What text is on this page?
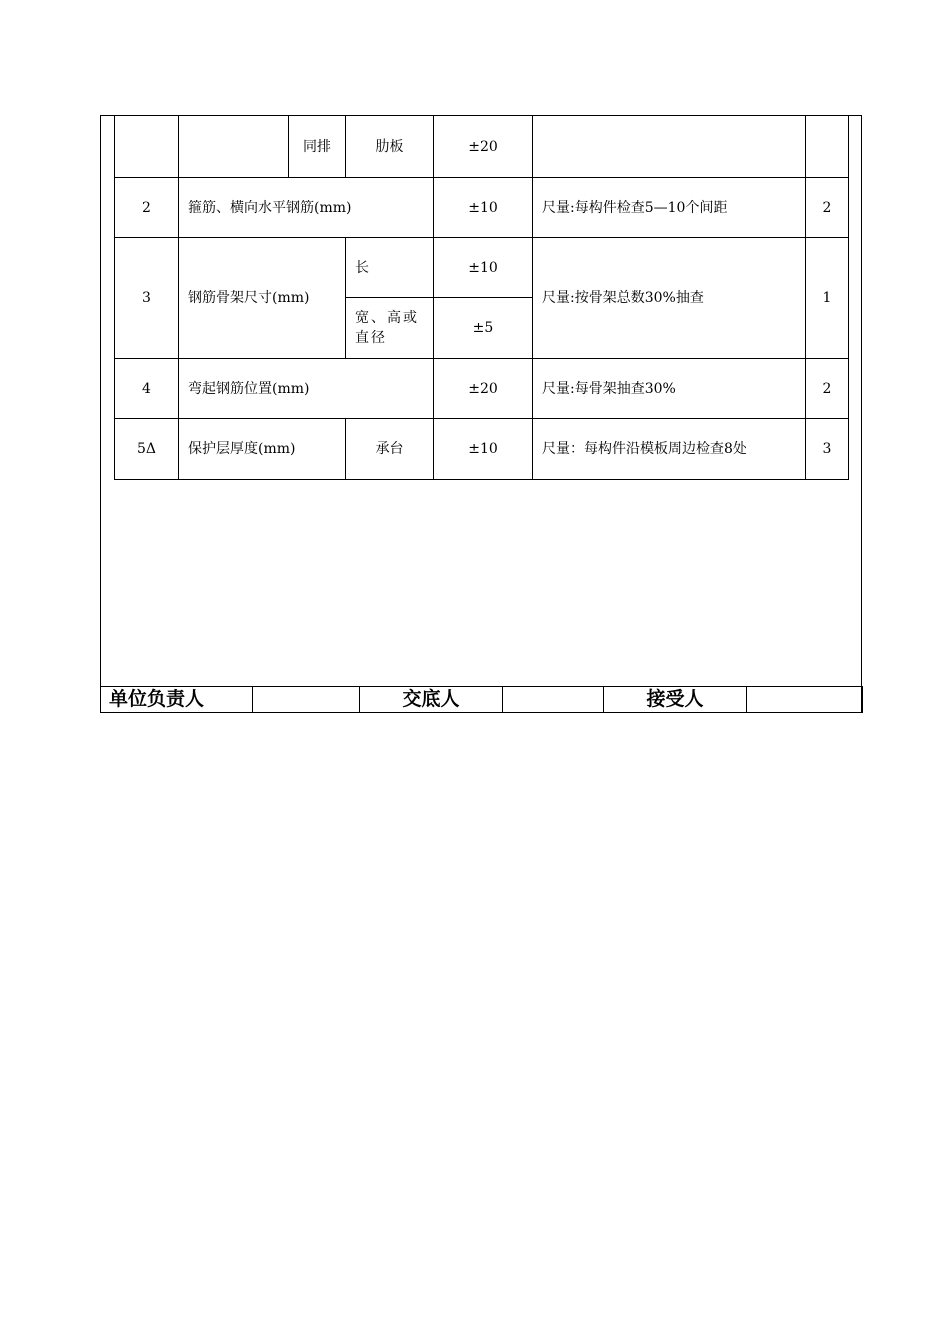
		同排	肋板	±20		
2	箍筋、横向水平钢筋(mm)			±10	尺量:每构件检查5—10个间距	2
3	钢筋骨架尺寸(mm)		长	±10	尺量:按骨架总数30%抽查	1
			宽、高或直径	±5		
4	弯起钢筋位置(mm)			±20	尺量:每骨架抽查30%	2
5Δ	保护层厚度(mm)		承台	±10	尺量：每构件沿模板周边检查8处	3
单位负责人		交底人		接受人	
